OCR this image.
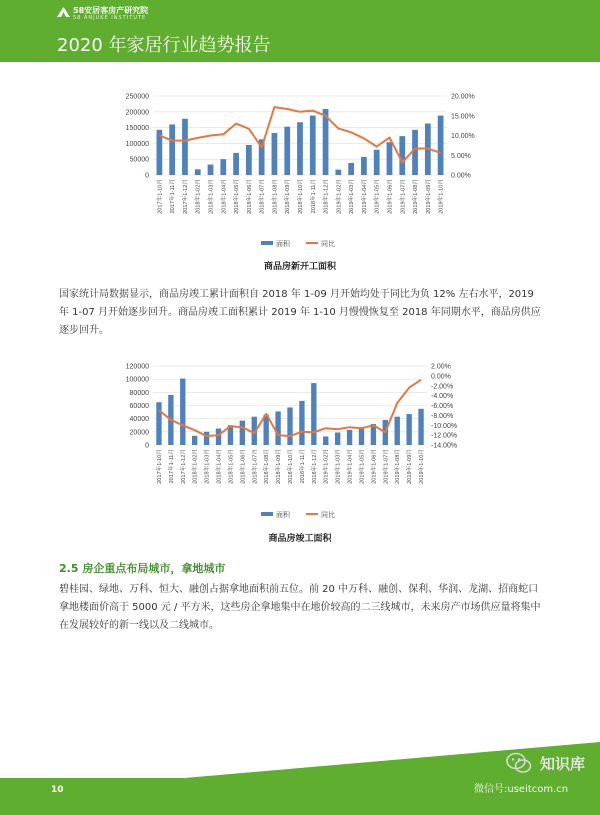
58安居客房产研究院
58 ANJUKE INSTITUTE
2020 年家居行业趋势报告
0
50000
100000
150000
200000
250000
0.00%
5.00%
10.00%
15.00%
20.00%
2017年1-10月	2017年1-11月	2017年1-12月	2018年1-02月	2018年1-03月	2018年1-04月	2018年1-05月	2018年1-06月	2018年1-07月	2018年1-08月	2018年1-09月	2018年1-10月	2018年1-11月	2018年1-12月	2019年1-02月	2019年1-03月	2019年1-04月	2019年1-05月	2019年1-06月	2019年1-07月	2019年1-08月	2019年1-09月	2019年1-10月
面积	同比
商品房新开工面积
国家统计局数据显示，商品房竣工累计面积自 2018 年 1-09 月开始均处于同比为负 12% 左右水平，2019 年 1-07 月开始逐步回升。商品房竣工面积累计 2019 年 1-10 月慢慢恢复至 2018 年同期水平，商品房供应逐步回升。
0
20000
40000
60000
80000
100000
120000
-14.00%
-12.00%
-10.00%
-8.00%
-6.00%
-4.00%
-2.00%
0.00%
2.00%
2017年1-10月	2017年1-11月	2017年1-12月	2018年1-02月	2018年1-03月	2018年1-04月	2018年1-05月	2018年1-06月	2018年1-07月	2018年1-08月	2018年1-09月	2018年1-10月	2018年1-11月	2018年1-12月	2019年1-02月	2019年1-03月	2019年1-04月	2019年1-05月	2019年1-06月	2019年1-07月	2019年1-08月	2019年1-09月	2019年1-10月
面积	同比
商品房竣工面积
2.5 房企重点布局城市，拿地城市
碧桂园、绿地、万科、恒大、融创占据拿地面积前五位。前 20 中万科、融创、保利、华润、龙湖、招商蛇口拿地楼面价高于 5000 元 / 平方米，这些房企拿地集中在地价较高的二三线城市，未来房产市场供应量将集中在发展较好的新一线以及二线城市。
10
知识库
微信号:useitcom.cn
